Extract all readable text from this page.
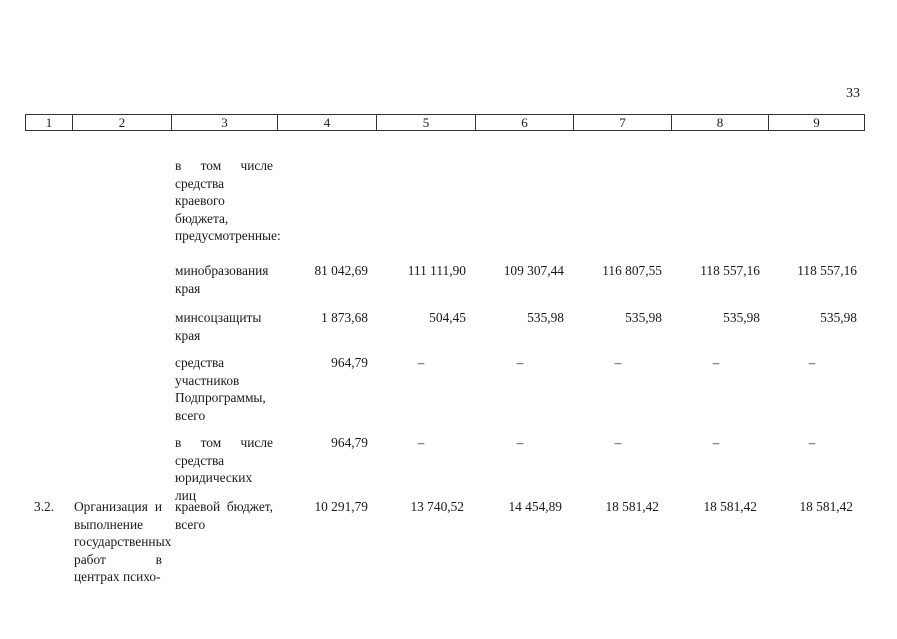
33
1	2	3	4	5	6	7	8	9
в том числе средства краевого бюджета, предусмотренные:
минобразования края
81 042,69	111 111,90	109 307,44	116 807,55	118 557,16	118 557,16
минсоцзащиты края
1 873,68	504,45	535,98	535,98	535,98	535,98
средства участников Подпрограммы, всего
964,79	–	–	–	–	–
в том числе средства юридических лиц
964,79	–	–	–	–	–
3.2. Организация и выполнение государственных работ в центрах психо-
краевой бюджет, всего
10 291,79	13 740,52	14 454,89	18 581,42	18 581,42	18 581,42
